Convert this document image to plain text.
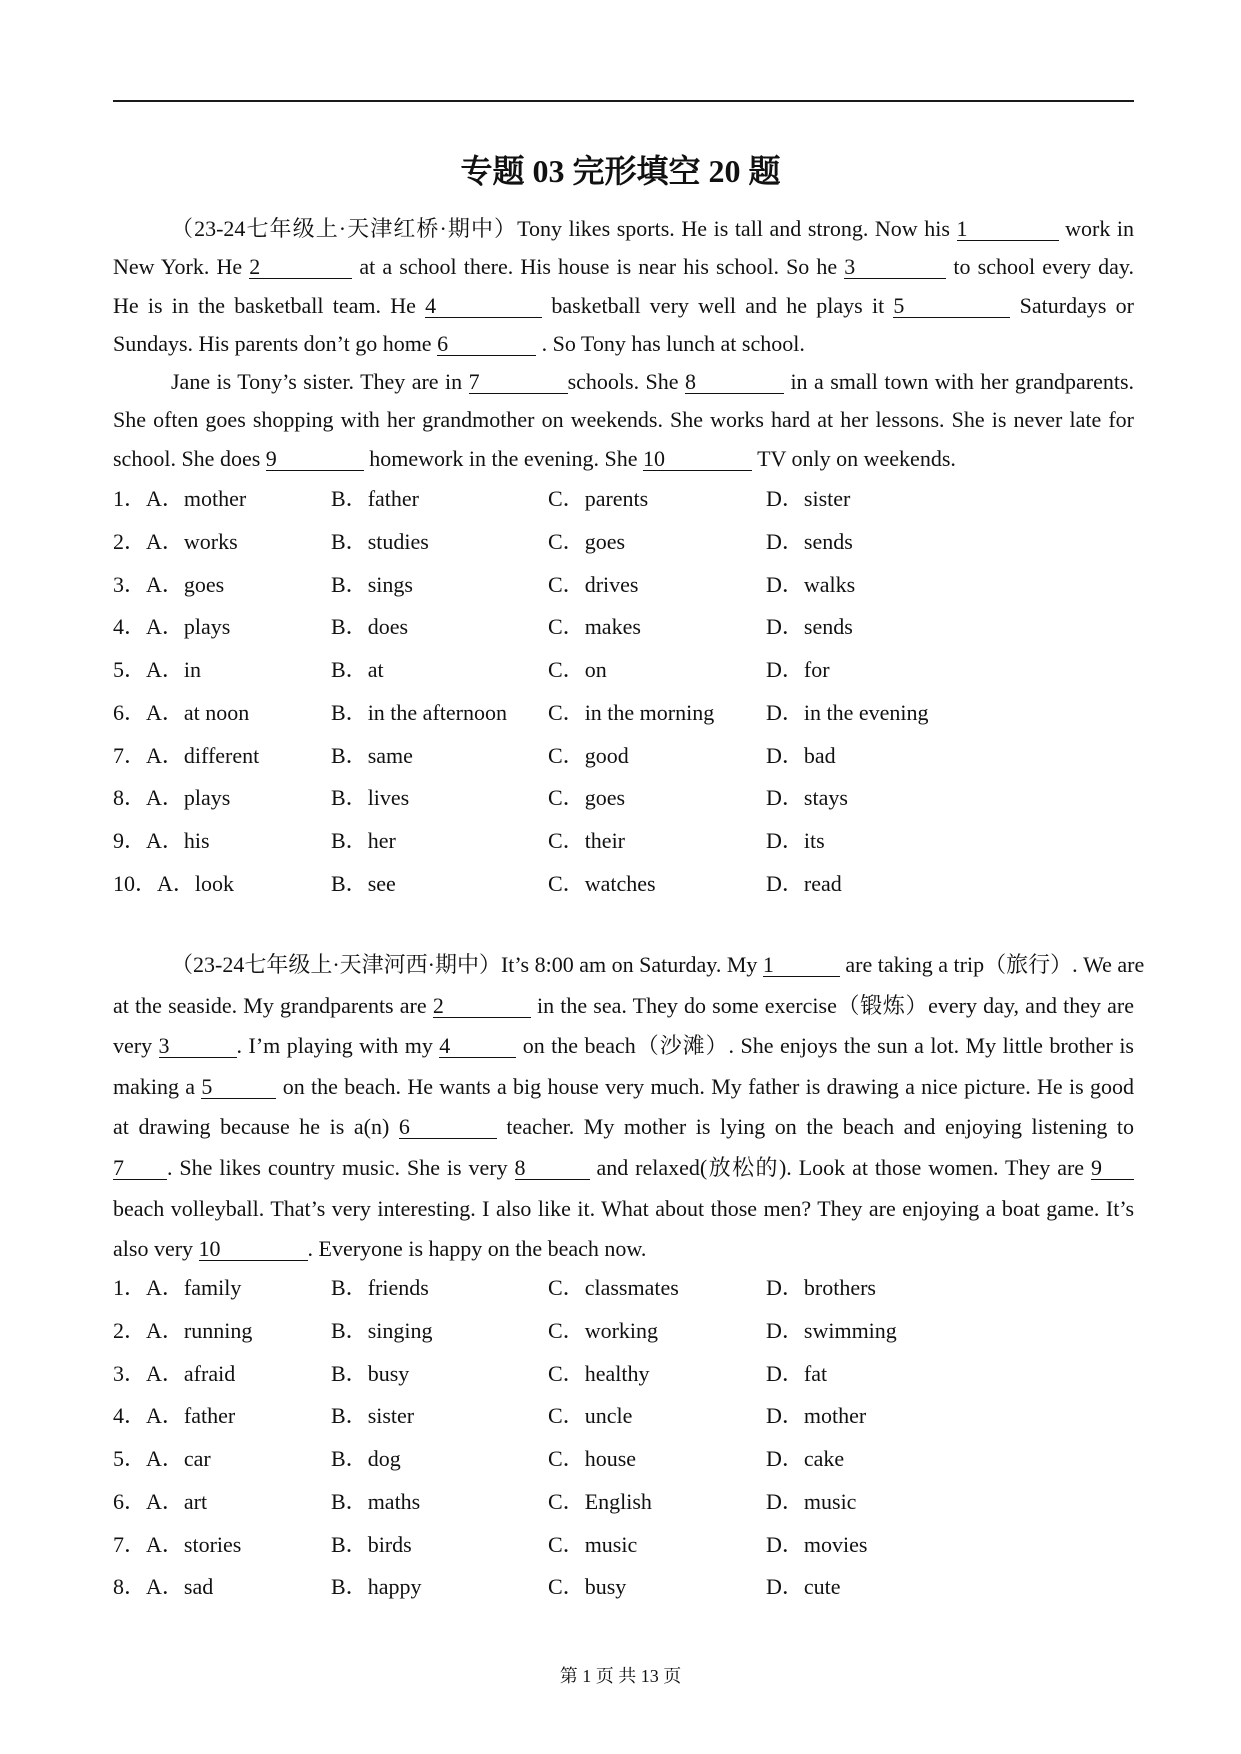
专题 03 完形填空 20 题
（23-24七年级上·天津红桥·期中）Tony likes sports. He is tall and strong. Now his 1	work in
New York. He 2	at a school there. His house is near his school. So he 3	to school every day.
He is in the basketball team. He 4	basketball very well and he plays it 5	Saturdays or
Sundays. His parents don’t go home 6	. So Tony has lunch at school.
Jane is Tony’s sister. They are in 7	schools. She 8	in a small town with her grandparents.
She often goes shopping with her grandmother on weekends. She works hard at her lessons. She is never late for
school. She does 9	homework in the evening. She 10	TV only on weekends.
1．A．mother	B．father	C．parents	D．sister
2．A．works	B．studies	C．goes	D．sends
3．A．goes	B．sings	C．drives	D．walks
4．A．plays	B．does	C．makes	D．sends
5．A．in	B．at	C．on	D．for
6．A．at noon	B．in the afternoon C．in the morning D．in the evening
7．A．different	B．same	C．good	D．bad
8．A．plays	B．lives	C．goes	D．stays
9．A．his	B．her	C．their	D．its
10．A．look	B．see	C．watches	D．read
（23-24七年级上·天津河西·期中）It’s 8:00 am on Saturday. My 1	are taking a trip（旅行）. We are
at the seaside. My grandparents are 2	in the sea. They do some exercise（锻炼）every day, and they are
very 3	. I’m playing with my 4	on the beach（沙滩）. She enjoys the sun a lot. My little brother is
making a 5	on the beach. He wants a big house very much. My father is drawing a nice picture. He is good
at drawing because he is a(n) 6	teacher. My mother is lying on the beach and enjoying listening to
7 . She likes country music. She is very 8	and relaxed(放松的). Look at those women. They are 9
beach volleyball. That’s very interesting. I also like it. What about those men? They are enjoying a boat game. It’s
also very 10	. Everyone is happy on the beach now.
1．A．family	B．friends	C．classmates	D．brothers
2．A．running	B．singing	C．working	D．swimming
3．A．afraid	B．busy	C．healthy	D．fat
4．A．father	B．sister	C．uncle	D．mother
5．A．car	B．dog	C．house	D．cake
6．A．art	B．maths	C．English	D．music
7．A．stories	B．birds	C．music	D．movies
8．A．sad	B．happy	C．busy	D．cute
第 1 页 共 13 页
